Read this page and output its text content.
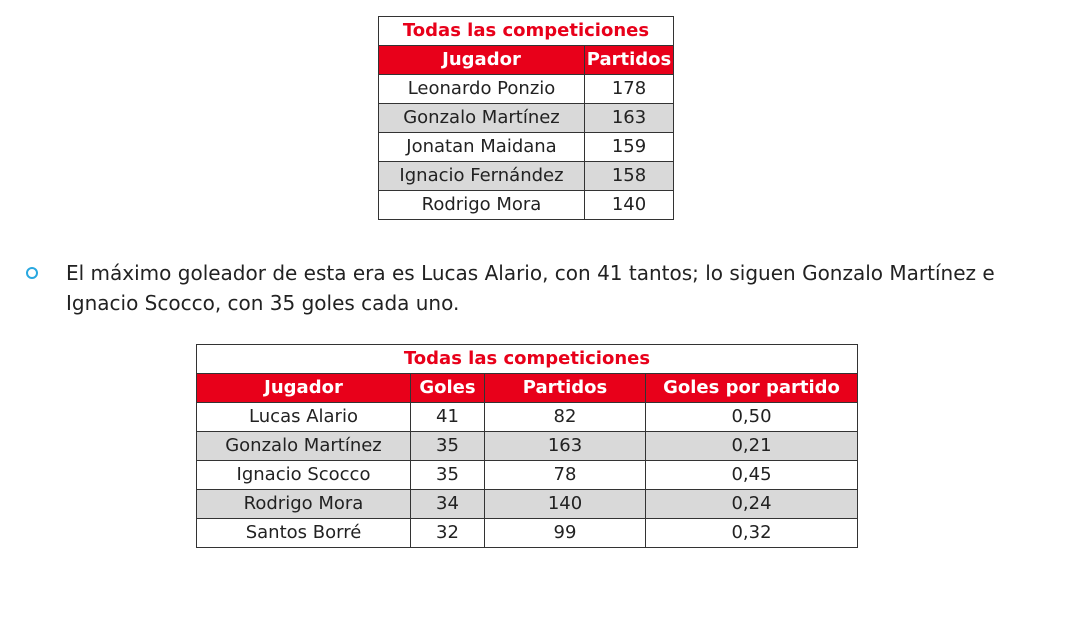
Todas las competiciones	
Jugador	Partidos
Leonardo Ponzio	178
Gonzalo Martínez	163
Jonatan Maidana	159
Ignacio Fernández	158
Rodrigo Mora	140
El máximo goleador de esta era es Lucas Alario, con 41 tantos; lo siguen Gonzalo Martínez e Ignacio Scocco, con 35 goles cada uno.
Todas las competiciones			
Jugador	Goles	Partidos	Goles por partido
Lucas Alario	41	82	0,50
Gonzalo Martínez	35	163	0,21
Ignacio Scocco	35	78	0,45
Rodrigo Mora	34	140	0,24
Santos Borré	32	99	0,32
